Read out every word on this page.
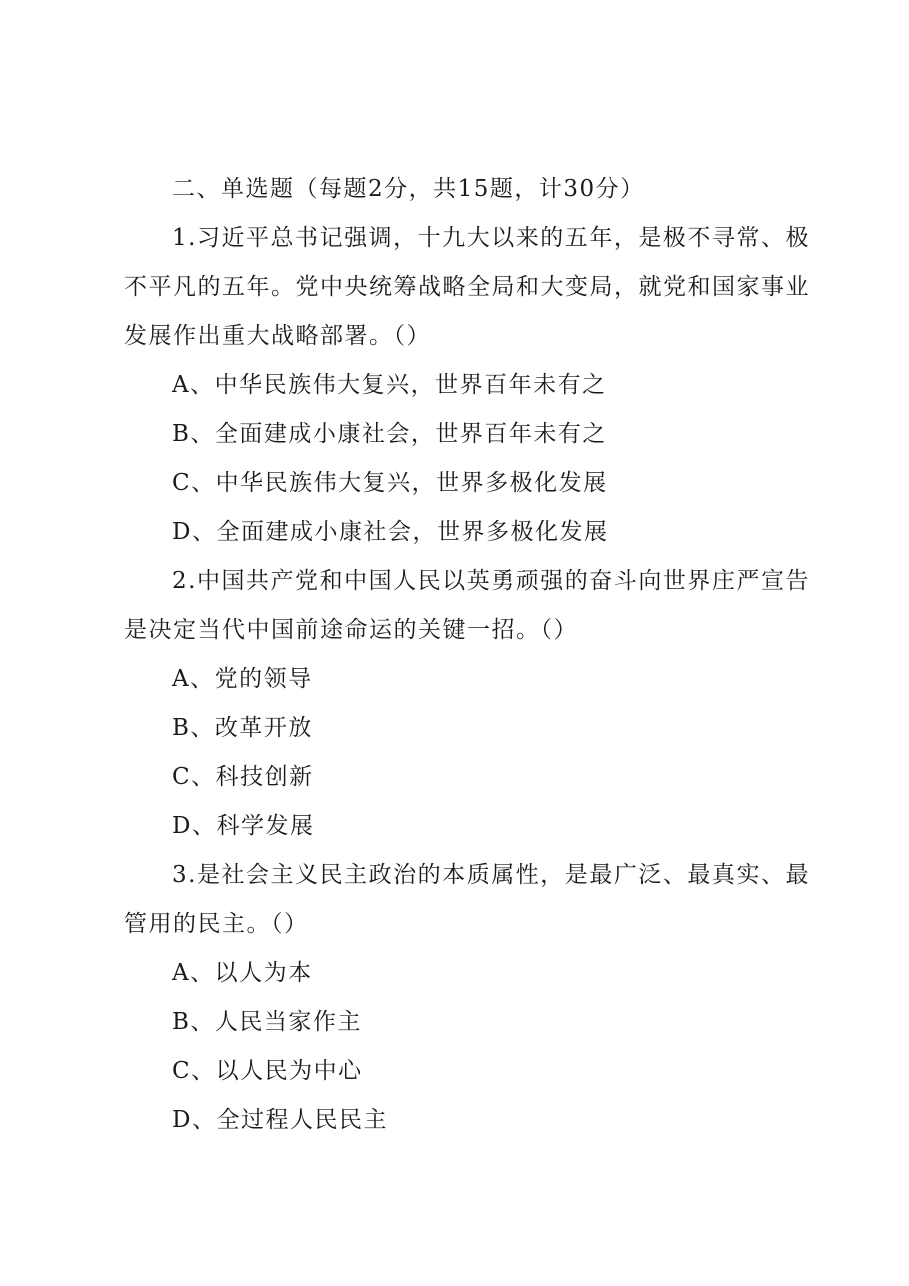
二、单选题（每题2分，共15题，计30分）
1.习近平总书记强调，十九大以来的五年，是极不寻常、极
不平凡的五年。党中央统筹战略全局和大变局，就党和国家事业
发展作出重大战略部署。（）
A、中华民族伟大复兴，世界百年未有之
B、全面建成小康社会，世界百年未有之
C、中华民族伟大复兴，世界多极化发展
D、全面建成小康社会，世界多极化发展
2.中国共产党和中国人民以英勇顽强的奋斗向世界庄严宣告
是决定当代中国前途命运的关键一招。（）
A、党的领导
B、改革开放
C、科技创新
D、科学发展
3.是社会主义民主政治的本质属性，是最广泛、最真实、最
管用的民主。（）
A、以人为本
B、人民当家作主
C、以人民为中心
D、全过程人民民主
